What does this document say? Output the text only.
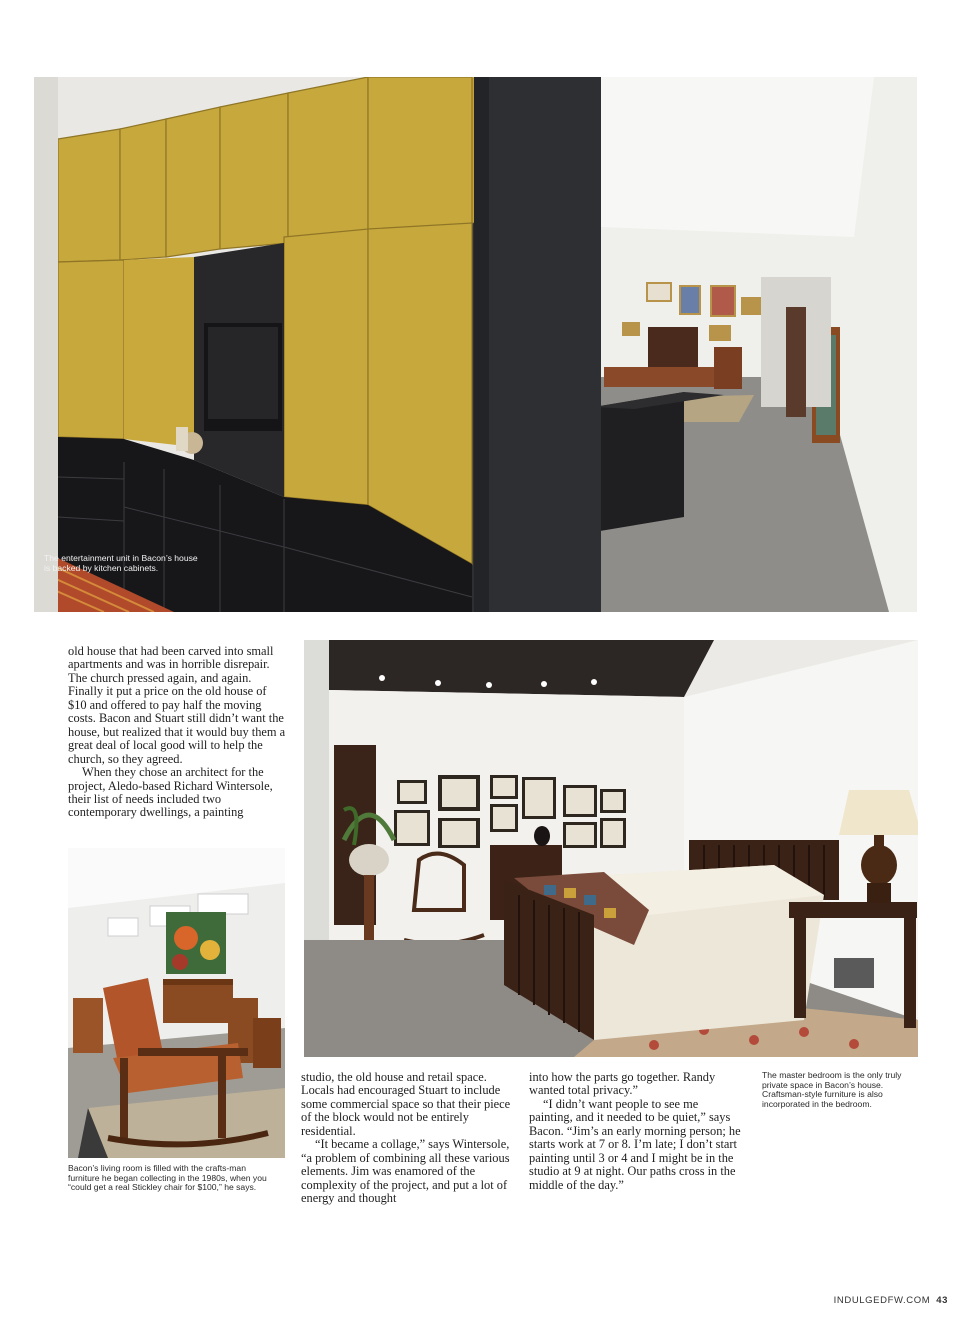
The entertainment unit in Bacon’s house is backed by kitchen cabinets.

old house that had been carved into small apartments and was in horrible disrepair. The church pressed again, and again. Finally it put a price on the old house of $10 and offered to pay half the moving costs. Bacon and Stuart still didn’t want the house, but realized that it would buy them a great deal of local good will to help the church, so they agreed.

When they chose an architect for the project, Aledo-based Richard Wintersole, their list of needs included two contemporary dwellings, a painting

Bacon’s living room is filled with the crafts-man furniture he began collecting in the 1980s, when you “could get a real Stickley chair for $100,” he says.

studio, the old house and retail space. Locals had encouraged Stuart to include some commercial space so that their piece of the block would not be entirely residential.

“It became a collage,” says Wintersole, “a problem of combining all these various elements. Jim was enamored of the complexity of the project, and put a lot of energy and thought

into how the parts go together. Randy wanted total privacy.”

“I didn’t want people to see me painting, and it needed to be quiet,” says Bacon. “Jim’s an early morning person; he starts work at 7 or 8. I’m late; I don’t start painting until 3 or 4 and I might be in the studio at 9 at night. Our paths cross in the middle of the day.”

The master bedroom is the only truly private space in Bacon’s house. Craftsman-style furniture is also incorporated in the bedroom.
INDULGEDFW.COM 43
